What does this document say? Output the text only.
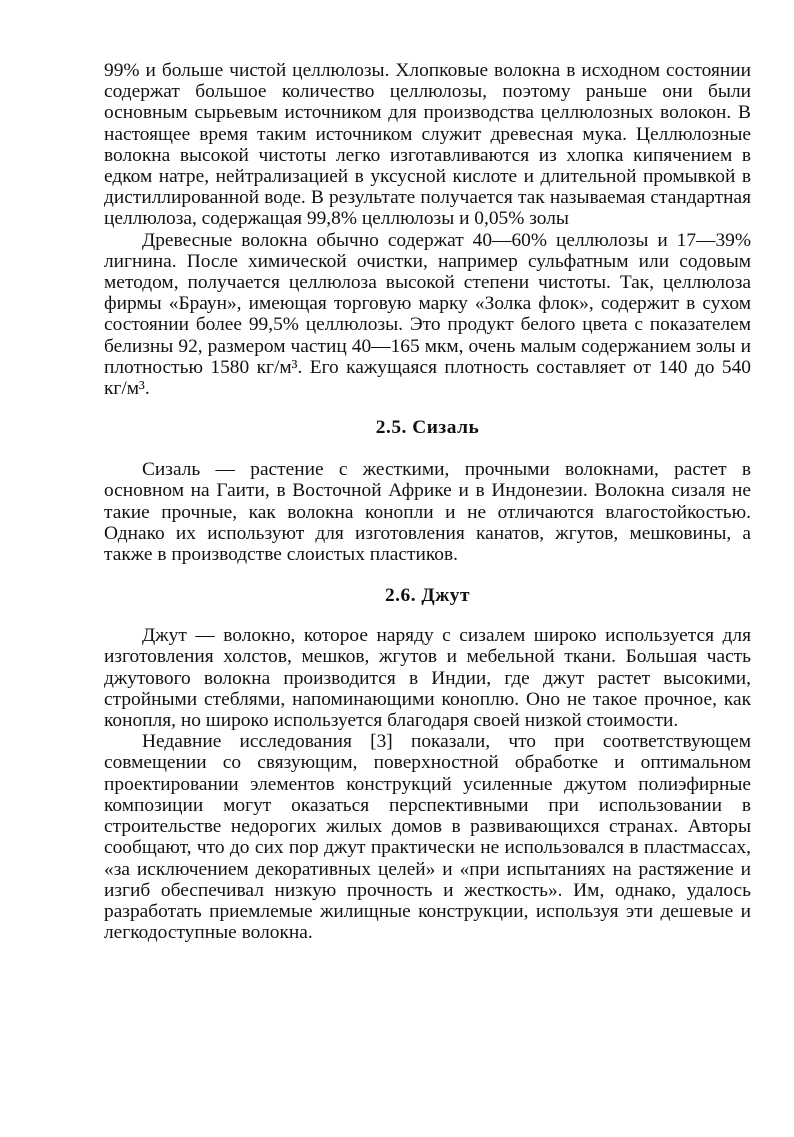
99% и больше чистой целлюлозы. Хлопковые волокна в исходном состоянии содержат большое количество целлюлозы, поэтому раньше они были основным сырьевым источником для производства целлюлозных волокон. В настоящее время таким источником служит древесная мука. Целлюлозные волокна высокой чистоты легко изготавливаются из хлопка кипячением в едком натре, нейтрализацией в уксусной кислоте и длительной промывкой в дистиллированной воде. В результате получается так называемая стандартная целлюлоза, содержащая 99,8% целлюлозы и 0,05% золы

Древесные волокна обычно содержат 40—60% целлюлозы и 17—39% лигнина. После химической очистки, например сульфатным или содовым методом, получается целлюлоза высокой степени чистоты. Так, целлюлоза фирмы «Браун», имеющая торговую марку «Золка флок», содержит в сухом состоянии более 99,5% целлюлозы. Это продукт белого цвета с показателем белизны 92, размером частиц 40—165 мкм, очень малым содержанием золы и плотностью 1580 кг/м³. Его кажущаяся плотность составляет от 140 до 540 кг/м³.

2.5. Сизаль

Сизаль — растение с жесткими, прочными волокнами, растет в основном на Гаити, в Восточной Африке и в Индонезии. Волокна сизаля не такие прочные, как волокна конопли и не отличаются влагостойкостью. Однако их используют для изготовления канатов, жгутов, мешковины, а также в производстве слоистых пластиков.

2.6. Джут

Джут — волокно, которое наряду с сизалем широко используется для изготовления холстов, мешков, жгутов и мебельной ткани. Большая часть джутового волокна производится в Индии, где джут растет высокими, стройными стеблями, напоминающими коноплю. Оно не такое прочное, как конопля, но широко используется благодаря своей низкой стоимости.

Недавние исследования [3] показали, что при соответствующем совмещении со связующим, поверхностной обработке и оптимальном проектировании элементов конструкций усиленные джутом полиэфирные композиции могут оказаться перспективными при использовании в строительстве недорогих жилых домов в развивающихся странах. Авторы сообщают, что до сих пор джут практически не использовался в пластмассах, «за исключением декоративных целей» и «при испытаниях на растяжение и изгиб обеспечивал низкую прочность и жесткость». Им, однако, удалось разработать приемлемые жилищные конструкции, используя эти дешевые и легкодоступные волокна.
